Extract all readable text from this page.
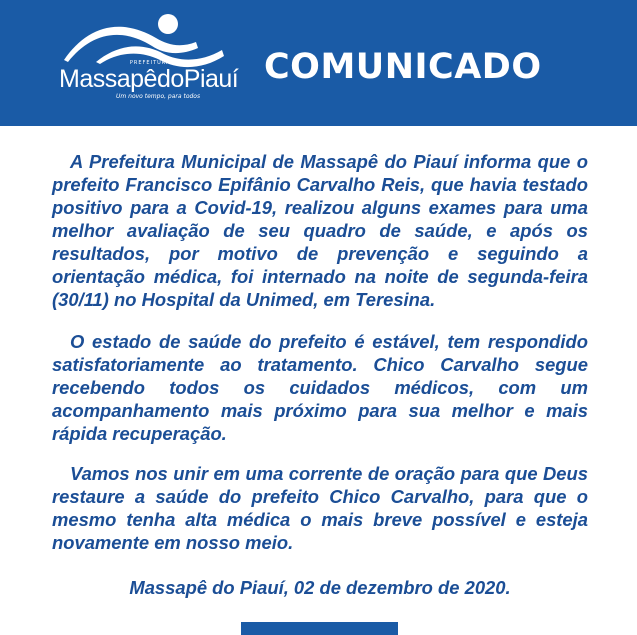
PREFEITURA DE
MassapêdoPiauí
Um novo tempo, para todos
COMUNICADO

A Prefeitura Municipal de Massapê do Piauí informa que o prefeito Francisco Epifânio Carvalho Reis, que havia testado positivo para a Covid-19, realizou alguns exames para uma melhor avaliação de seu quadro de saúde, e após os resultados, por motivo de prevenção e seguindo a orientação médica, foi internado na noite de segunda-feira (30/11) no Hospital da Unimed, em Teresina.

O estado de saúde do prefeito é estável, tem respondido satisfatoriamente ao tratamento. Chico Carvalho segue recebendo todos os cuidados médicos, com um acompanhamento mais próximo para sua melhor e mais rápida recuperação.

Vamos nos unir em uma corrente de oração para que Deus restaure a saúde do prefeito Chico Carvalho, para que o mesmo tenha alta médica o mais breve possível e esteja novamente em nosso meio.

Massapê do Piauí, 02 de dezembro de 2020.
